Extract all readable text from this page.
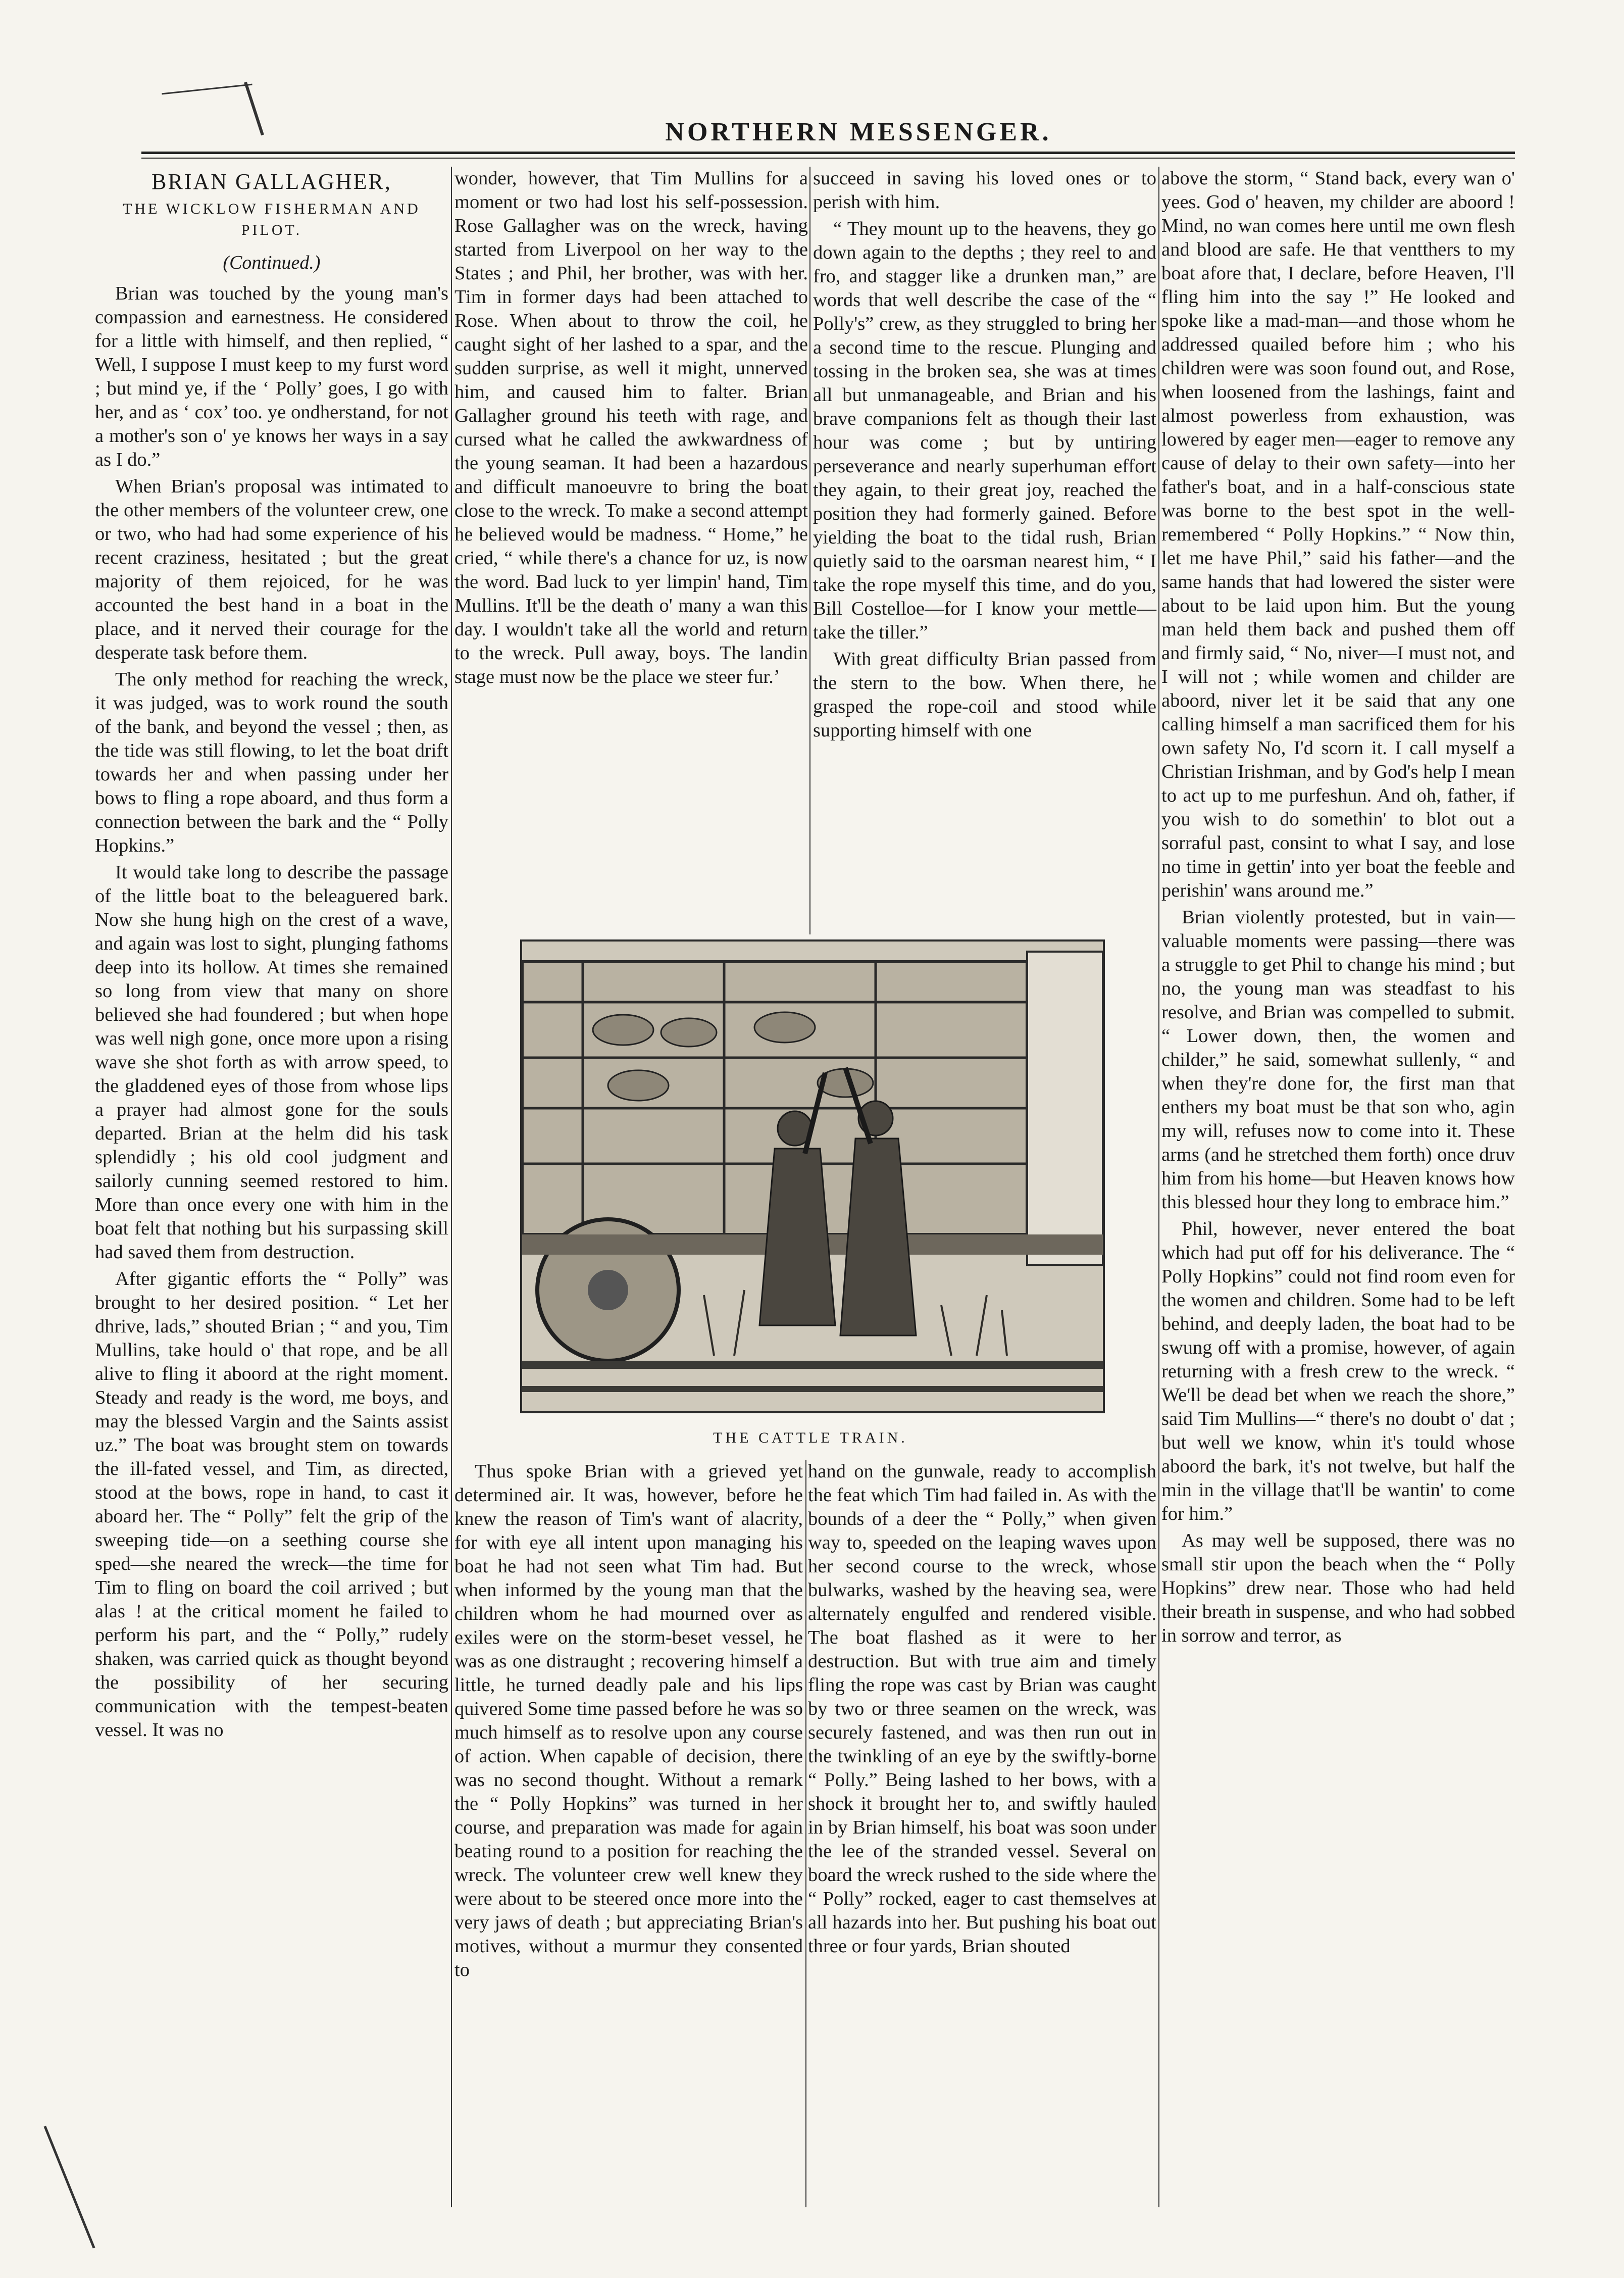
NORTHERN MESSENGER.
BRIAN GALLAGHER,
THE WICKLOW FISHERMAN AND PILOT.
(Continued.)

Brian was touched by the young man's compassion and earnestness. He considered for a little with himself, and then replied, “ Well, I suppose I must keep to my furst word ; but mind ye, if the ‘ Polly’ goes, I go with her, and as ‘ cox’ too. ye ondherstand, for not a mother's son o' ye knows her ways in a say as I do.”

When Brian's proposal was intimated to the other members of the volunteer crew, one or two, who had had some experience of his recent craziness, hesitated ; but the great majority of them rejoiced, for he was accounted the best hand in a boat in the place, and it nerved their courage for the desperate task before them.

The only method for reaching the wreck, it was judged, was to work round the south of the bank, and beyond the vessel ; then, as the tide was still flowing, to let the boat drift towards her and when passing under her bows to fling a rope aboard, and thus form a connection between the bark and the “ Polly Hopkins.”

It would take long to describe the passage of the little boat to the beleaguered bark. Now she hung high on the crest of a wave, and again was lost to sight, plunging fathoms deep into its hollow. At times she remained so long from view that many on shore believed she had foundered ; but when hope was well nigh gone, once more upon a rising wave she shot forth as with arrow speed, to the gladdened eyes of those from whose lips a prayer had almost gone for the souls departed. Brian at the helm did his task splendidly ; his old cool judgment and sailorly cunning seemed restored to him. More than once every one with him in the boat felt that nothing but his surpassing skill had saved them from destruction.

After gigantic efforts the “ Polly” was brought to her desired position. “ Let her dhrive, lads,” shouted Brian ; “ and you, Tim Mullins, take hould o' that rope, and be all alive to fling it aboord at the right moment. Steady and ready is the word, me boys, and may the blessed Vargin and the Saints assist uz.” The boat was brought stem on towards the ill-fated vessel, and Tim, as directed, stood at the bows, rope in hand, to cast it aboard her. The “ Polly” felt the grip of the sweeping tide—on a seething course she sped—she neared the wreck—the time for Tim to fling on board the coil arrived ; but alas ! at the critical moment he failed to perform his part, and the “ Polly,” rudely shaken, was carried quick as thought beyond the possibility of her securing communication with the tempest-beaten vessel. It was no

wonder, however, that Tim Mullins for a moment or two had lost his self-possession. Rose Gallagher was on the wreck, having started from Liverpool on her way to the States ; and Phil, her brother, was with her. Tim in former days had been attached to Rose. When about to throw the coil, he caught sight of her lashed to a spar, and the sudden surprise, as well it might, unnerved him, and caused him to falter. Brian Gallagher ground his teeth with rage, and cursed what he called the awkwardness of the young seaman. It had been a hazardous and difficult manoeuvre to bring the boat close to the wreck. To make a second attempt he believed would be madness. “ Home,” he cried, “ while there's a chance for uz, is now the word. Bad luck to yer limpin' hand, Tim Mullins. It'll be the death o' many a wan this day. I wouldn't take all the world and return to the wreck. Pull away, boys. The landin stage must now be the place we steer fur.’

succeed in saving his loved ones or to perish with him.

“ They mount up to the heavens, they go down again to the depths ; they reel to and fro, and stagger like a drunken man,” are words that well describe the case of the “ Polly's” crew, as they struggled to bring her a second time to the rescue. Plunging and tossing in the broken sea, she was at times all but unmanageable, and Brian and his brave companions felt as though their last hour was come ; but by untiring perseverance and nearly superhuman effort they again, to their great joy, reached the position they had formerly gained. Before yielding the boat to the tidal rush, Brian quietly said to the oarsman nearest him, “ I take the rope myself this time, and do you, Bill Costelloe—for I know your mettle—take the tiller.”

With great difficulty Brian passed from the stern to the bow. When there, he grasped the rope-coil and stood while supporting himself with one

THE CATTLE TRAIN.

Thus spoke Brian with a grieved yet determined air. It was, however, before he knew the reason of Tim's want of alacrity, for with eye all intent upon managing his boat he had not seen what Tim had. But when informed by the young man that the children whom he had mourned over as exiles were on the storm-beset vessel, he was as one distraught ; recovering himself a little, he turned deadly pale and his lips quivered Some time passed before he was so much himself as to resolve upon any course of action. When capable of decision, there was no second thought. Without a remark the “ Polly Hopkins” was turned in her course, and preparation was made for again beating round to a position for reaching the wreck. The volunteer crew well knew they were about to be steered once more into the very jaws of death ; but appreciating Brian's motives, without a murmur they consented to

hand on the gunwale, ready to accomplish the feat which Tim had failed in. As with the bounds of a deer the “ Polly,” when given way to, speeded on the leaping waves upon her second course to the wreck, whose bulwarks, washed by the heaving sea, were alternately engulfed and rendered visible. The boat flashed as it were to her destruction. But with true aim and timely fling the rope was cast by Brian was caught by two or three seamen on the wreck, was securely fastened, and was then run out in the twinkling of an eye by the swiftly-borne “ Polly.” Being lashed to her bows, with a shock it brought her to, and swiftly hauled in by Brian himself, his boat was soon under the lee of the stranded vessel. Several on board the wreck rushed to the side where the “ Polly” rocked, eager to cast themselves at all hazards into her. But pushing his boat out three or four yards, Brian shouted

above the storm, “ Stand back, every wan o' yees. God o' heaven, my childer are aboord ! Mind, no wan comes here until me own flesh and blood are safe. He that ventthers to my boat afore that, I declare, before Heaven, I'll fling him into the say !” He looked and spoke like a mad-man—and those whom he addressed quailed before him ; who his children were was soon found out, and Rose, when loosened from the lashings, faint and almost powerless from exhaustion, was lowered by eager men—eager to remove any cause of delay to their own safety—into her father's boat, and in a half-conscious state was borne to the best spot in the well-remembered “ Polly Hopkins.” “ Now thin, let me have Phil,” said his father—and the same hands that had lowered the sister were about to be laid upon him. But the young man held them back and pushed them off and firmly said, “ No, niver—I must not, and I will not ; while women and childer are aboord, niver let it be said that any one calling himself a man sacrificed them for his own safety No, I'd scorn it. I call myself a Christian Irishman, and by God's help I mean to act up to me purfeshun. And oh, father, if you wish to do somethin' to blot out a sorraful past, consint to what I say, and lose no time in gettin' into yer boat the feeble and perishin' wans around me.”

Brian violently protested, but in vain—valuable moments were passing—there was a struggle to get Phil to change his mind ; but no, the young man was steadfast to his resolve, and Brian was compelled to submit. “ Lower down, then, the women and childer,” he said, somewhat sullenly, “ and when they're done for, the first man that enthers my boat must be that son who, agin my will, refuses now to come into it. These arms (and he stretched them forth) once druv him from his home—but Heaven knows how this blessed hour they long to embrace him.”

Phil, however, never entered the boat which had put off for his deliverance. The “ Polly Hopkins” could not find room even for the women and children. Some had to be left behind, and deeply laden, the boat had to be swung off with a promise, however, of again returning with a fresh crew to the wreck. “ We'll be dead bet when we reach the shore,” said Tim Mullins—“ there's no doubt o' dat ; but well we know, whin it's tould whose aboord the bark, it's not twelve, but half the min in the village that'll be wantin' to come for him.”

As may well be supposed, there was no small stir upon the beach when the “ Polly Hopkins” drew near. Those who had held their breath in suspense, and who had sobbed in sorrow and terror, as
